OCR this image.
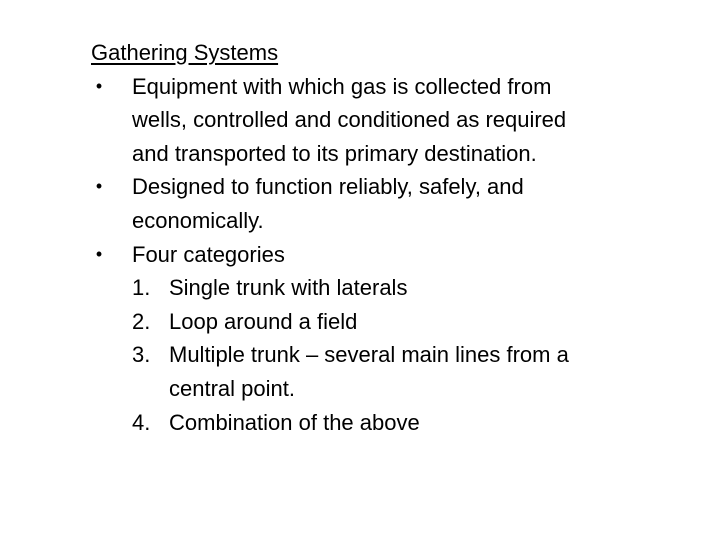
Gathering Systems
• Equipment with which gas is collected from wells, controlled and conditioned as required and transported to its primary destination.
• Designed to function reliably, safely, and economically.
• Four categories
1. Single trunk with laterals
2. Loop around a field
3. Multiple trunk – several main lines from a central point.
4. Combination of the above
